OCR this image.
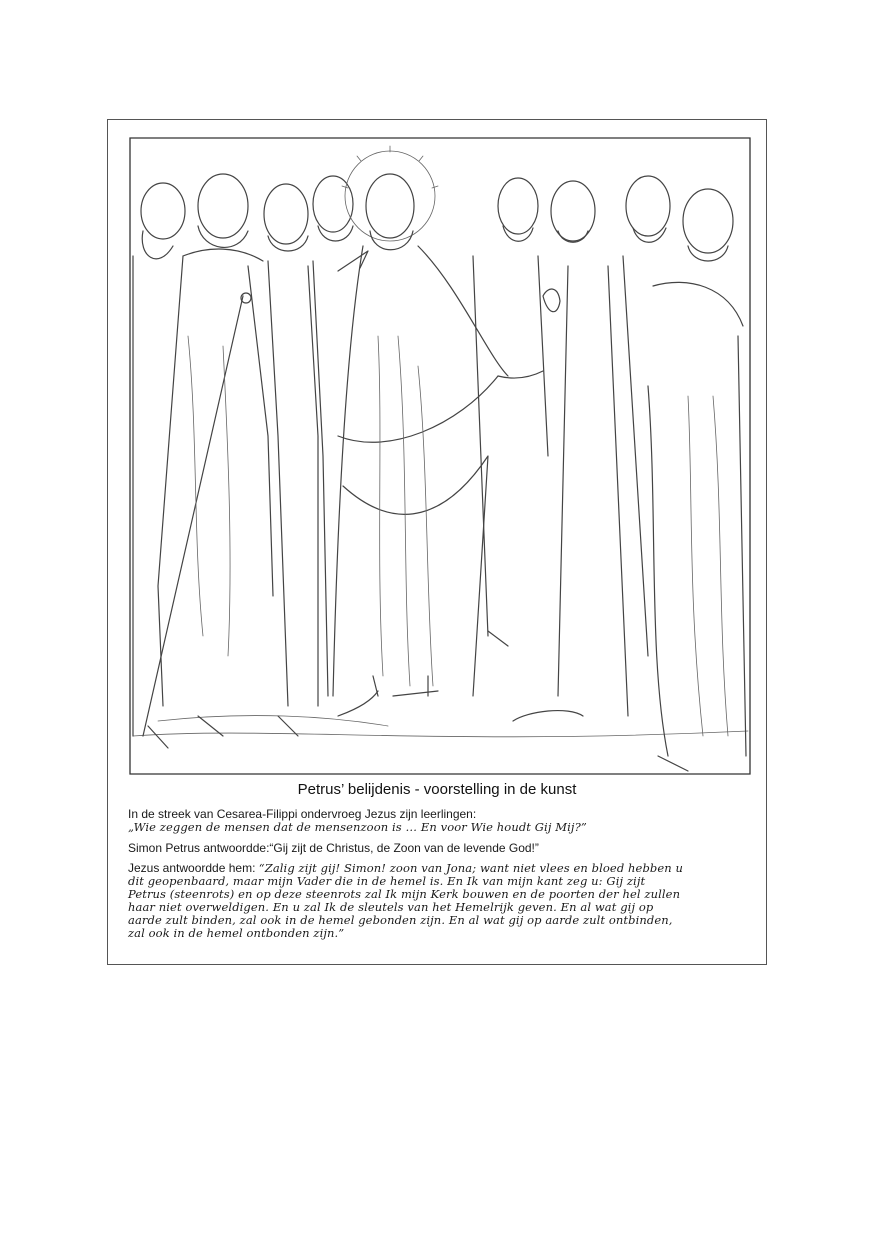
Petrus’ belijdenis - voorstelling in de kunst

In de streek van Cesarea-Filippi ondervroeg Jezus zijn leerlingen:

„Wie zeggen de mensen dat de mensenzoon is … En voor Wie houdt Gij Mij?”

Simon Petrus antwoordde:“Gij zijt de Christus, de Zoon van de levende God!”

Jezus antwoordde hem: “Zalig zijt gij! Simon! zoon van Jona; want niet vlees en bloed hebben u

dit geopenbaard, maar mijn Vader die in de hemel is. En Ik van mijn kant zeg u: Gij zijt
Petrus (steenrots) en op deze steenrots zal Ik mijn Kerk bouwen en de poorten der hel zullen
haar niet overweldigen. En u zal Ik de sleutels van het Hemelrijk geven. En al wat gij op
aarde zult binden, zal ook in de hemel gebonden zijn. En al wat gij op aarde zult ontbinden,
zal ook in de hemel ontbonden zijn.”
